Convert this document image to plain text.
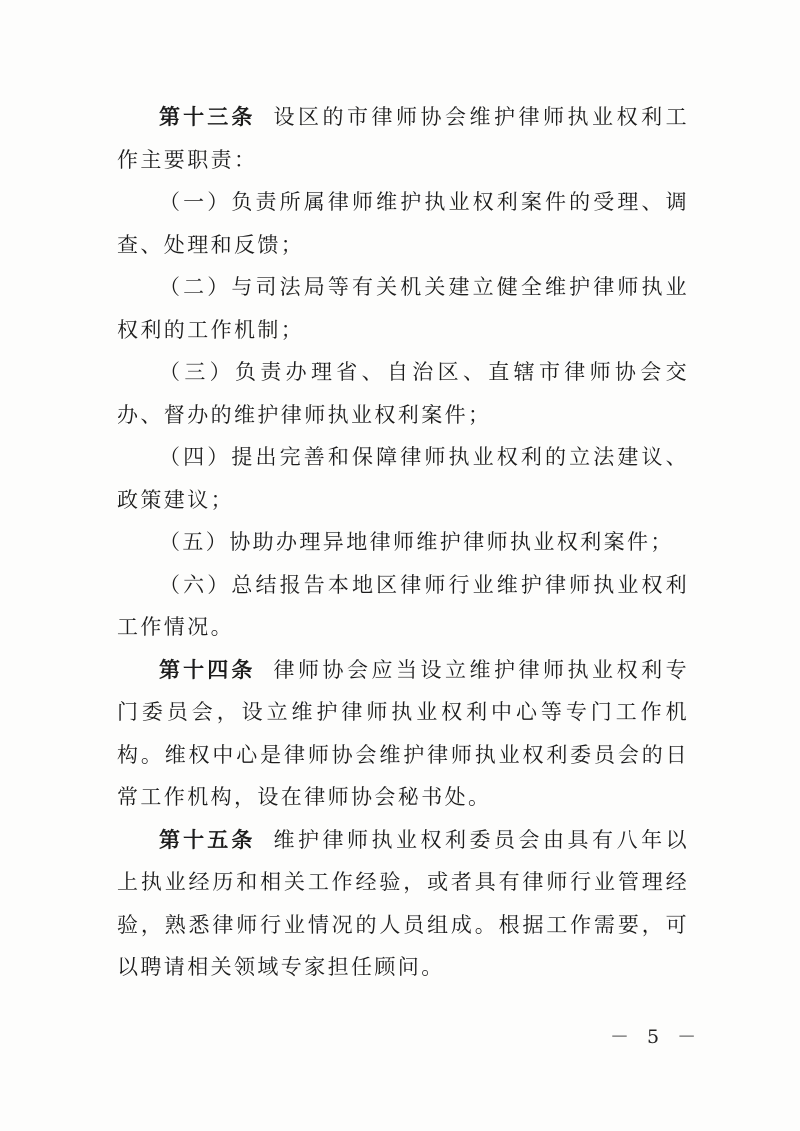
第十三条 设区的市律师协会维护律师执业权利工作主要职责：

（一）负责所属律师维护执业权利案件的受理、调查、处理和反馈；

（二）与司法局等有关机关建立健全维护律师执业权利的工作机制；

（三）负责办理省、自治区、直辖市律师协会交办、督办的维护律师执业权利案件；

（四）提出完善和保障律师执业权利的立法建议、政策建议；

（五）协助办理异地律师维护律师执业权利案件；

（六）总结报告本地区律师行业维护律师执业权利工作情况。

第十四条 律师协会应当设立维护律师执业权利专门委员会，设立维护律师执业权利中心等专门工作机构。维权中心是律师协会维护律师执业权利委员会的日常工作机构，设在律师协会秘书处。

第十五条 维护律师执业权利委员会由具有八年以上执业经历和相关工作经验，或者具有律师行业管理经验，熟悉律师行业情况的人员组成。根据工作需要，可以聘请相关领域专家担任顾问。

－ 5 －
